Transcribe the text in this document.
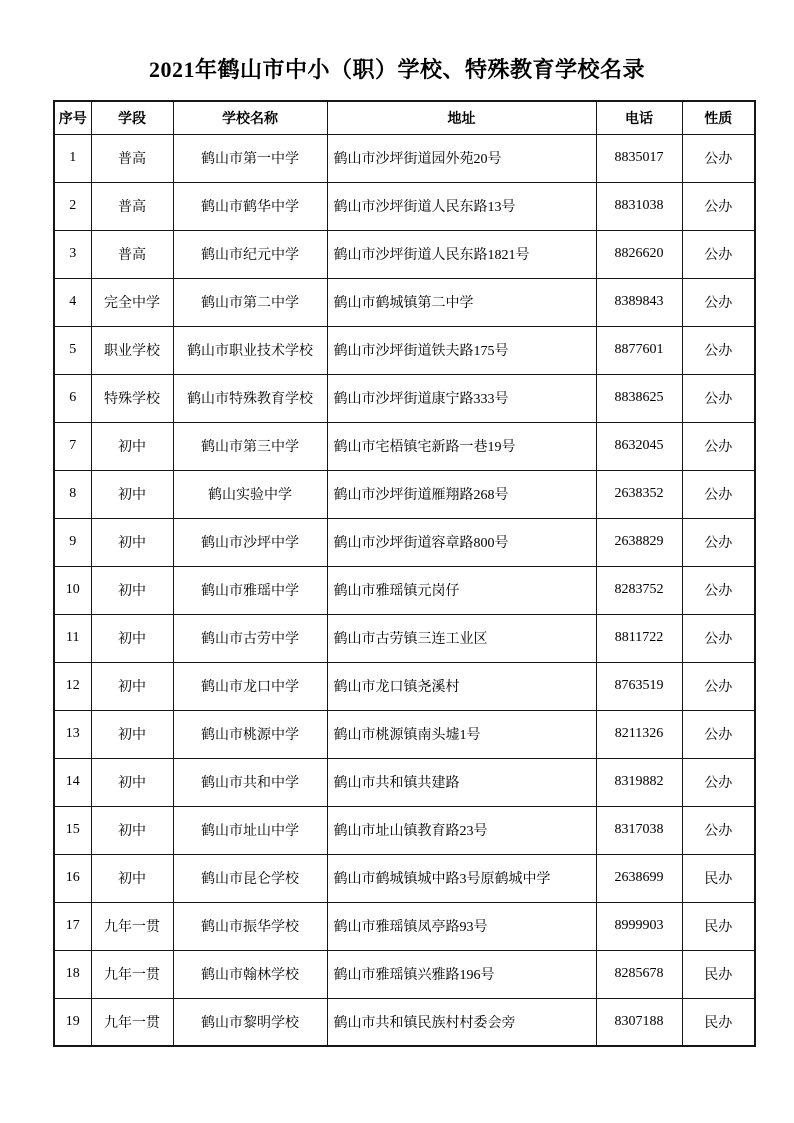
2021年鹤山市中小（职）学校、特殊教育学校名录
序号	学段	学校名称	地址	电话	性质
1	普高	鹤山市第一中学	鹤山市沙坪街道园外苑20号	8835017	公办
2	普高	鹤山市鹤华中学	鹤山市沙坪街道人民东路13号	8831038	公办
3	普高	鹤山市纪元中学	鹤山市沙坪街道人民东路1821号	8826620	公办
4	完全中学	鹤山市第二中学	鹤山市鹤城镇第二中学	8389843	公办
5	职业学校	鹤山市职业技术学校	鹤山市沙坪街道铁夫路175号	8877601	公办
6	特殊学校	鹤山市特殊教育学校	鹤山市沙坪街道康宁路333号	8838625	公办
7	初中	鹤山市第三中学	鹤山市宅梧镇宅新路一巷19号	8632045	公办
8	初中	鹤山实验中学	鹤山市沙坪街道雁翔路268号	2638352	公办
9	初中	鹤山市沙坪中学	鹤山市沙坪街道容章路800号	2638829	公办
10	初中	鹤山市雅瑶中学	鹤山市雅瑶镇元岗仔	8283752	公办
11	初中	鹤山市古劳中学	鹤山市古劳镇三连工业区	8811722	公办
12	初中	鹤山市龙口中学	鹤山市龙口镇尧溪村	8763519	公办
13	初中	鹤山市桃源中学	鹤山市桃源镇南头墟1号	8211326	公办
14	初中	鹤山市共和中学	鹤山市共和镇共建路	8319882	公办
15	初中	鹤山市址山中学	鹤山市址山镇教育路23号	8317038	公办
16	初中	鹤山市昆仑学校	鹤山市鹤城镇城中路3号原鹤城中学	2638699	民办
17	九年一贯	鹤山市振华学校	鹤山市雅瑶镇凤亭路93号	8999903	民办
18	九年一贯	鹤山市翰林学校	鹤山市雅瑶镇兴雅路196号	8285678	民办
19	九年一贯	鹤山市黎明学校	鹤山市共和镇民族村村委会旁	8307188	民办
